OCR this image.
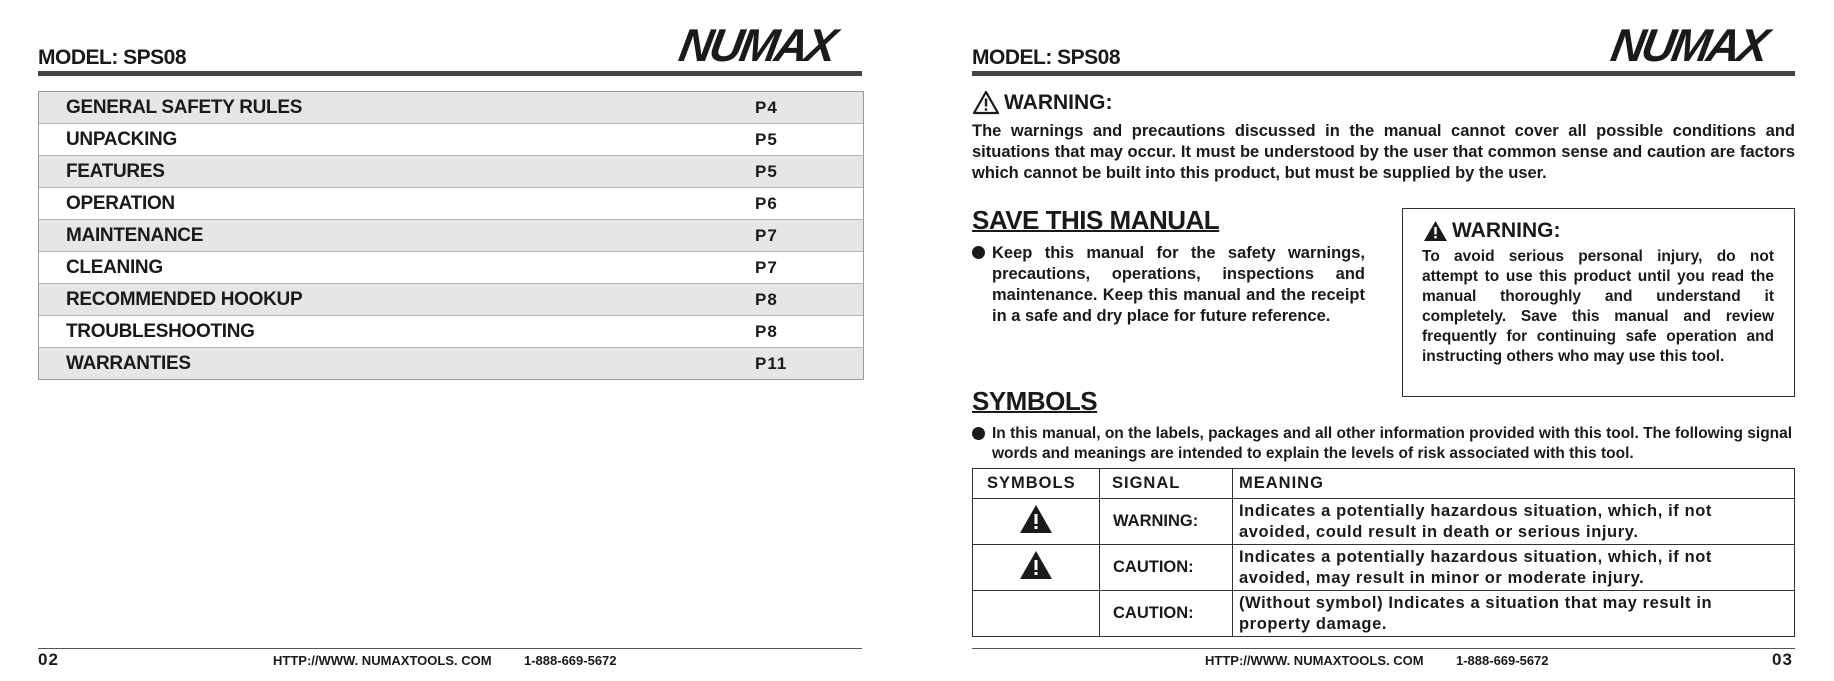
MODEL: SPS08	NUMAX
GENERAL SAFETY RULES	P4
UNPACKING	P5
FEATURES	P5
OPERATION	P6
MAINTENANCE	P7
CLEANING	P7
RECOMMENDED HOOKUP	P8
TROUBLESHOOTING	P8
WARRANTIES	P11
02	HTTP://WWW. NUMAXTOOLS. COM 1-888-669-5672
MODEL: SPS08	NUMAX
WARNING:
The warnings and precautions discussed in the manual cannot cover all possible conditions and situations that may occur. It must be understood by the user that common sense and caution are factors which cannot be built into this product, but must be supplied by the user.
SAVE THIS MANUAL
Keep this manual for the safety warnings, precautions, operations, inspections and maintenance. Keep this manual and the receipt in a safe and dry place for future reference.
WARNING:
To avoid serious personal injury, do not attempt to use this product until you read the manual thoroughly and understand it completely. Save this manual and review frequently for continuing safe operation and instructing others who may use this tool.
SYMBOLS
In this manual, on the labels, packages and all other information provided with this tool. The following signal words and meanings are intended to explain the levels of risk associated with this tool.
SYMBOLS	SIGNAL	MEANING
	WARNING:	Indicates a potentially hazardous situation, which, if not avoided, could result in death or serious injury.
	CAUTION:	Indicates a potentially hazardous situation, which, if not avoided, may result in minor or moderate injury.
	CAUTION:	(Without symbol) Indicates a situation that may result in property damage.
HTTP://WWW. NUMAXTOOLS. COM 1-888-669-5672	03
